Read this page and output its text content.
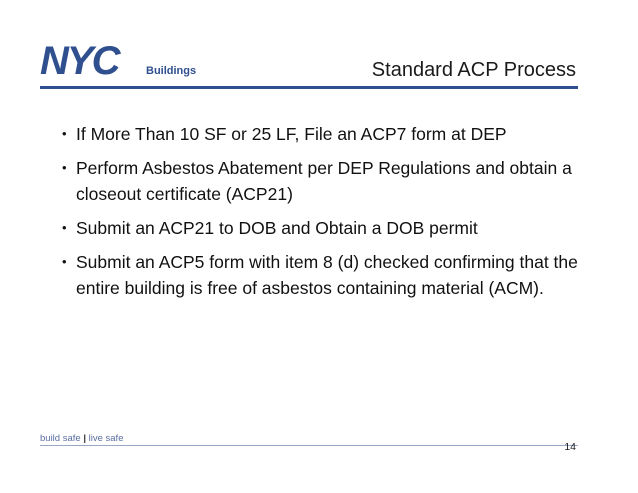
NYC	Buildings	Standard ACP Process
• If More Than 10 SF or 25 LF, File an ACP7 form at DEP
• Perform Asbestos Abatement per DEP Regulations and obtain a closeout certificate (ACP21)
• Submit an ACP21 to DOB and Obtain a DOB permit
• Submit an ACP5 form with item 8 (d) checked confirming that the entire building is free of asbestos containing material (ACM).
build safe | live safe
14
